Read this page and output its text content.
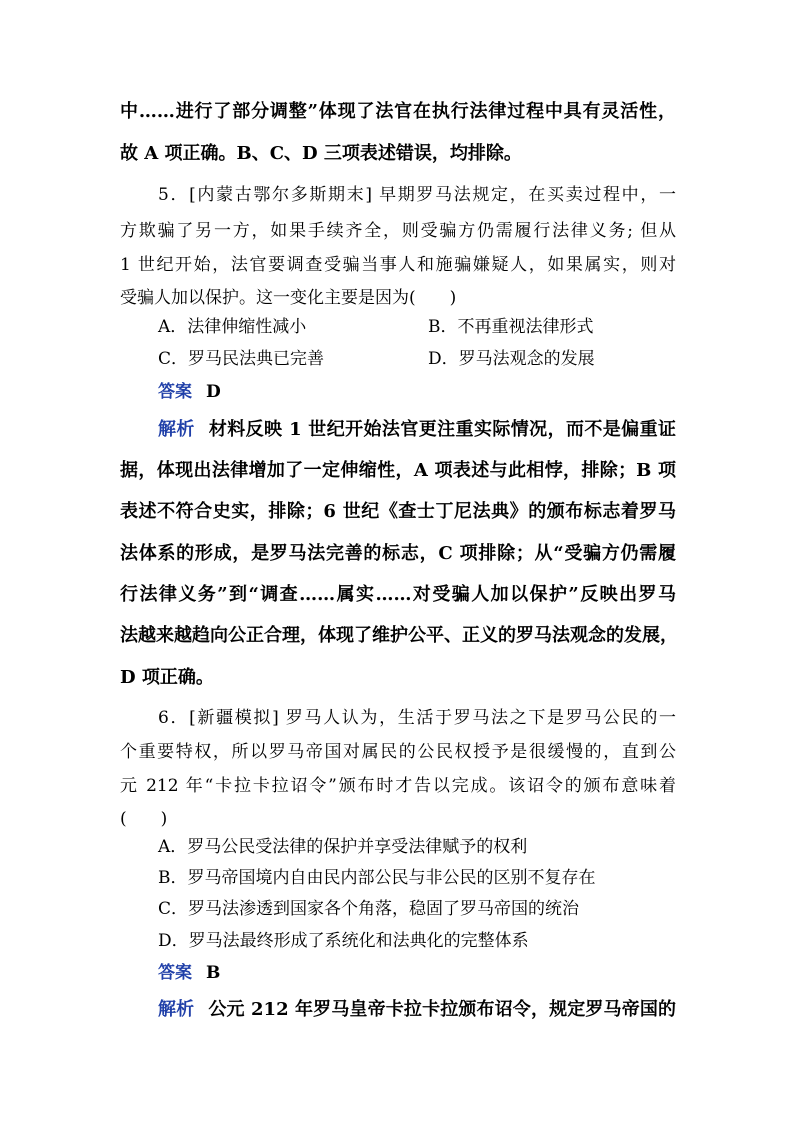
中……进行了部分调整”体现了法官在执行法律过程中具有灵活性，
故 A 项正确。B、C、D 三项表述错误，均排除。
5．[内蒙古鄂尔多斯期末] 早期罗马法规定，在买卖过程中，一
方欺骗了另一方，如果手续齐全，则受骗方仍需履行法律义务; 但从
1 世纪开始，法官要调查受骗当事人和施骗嫌疑人，如果属实，则对
受骗人加以保护。这一变化主要是因为(　　)
A．法律伸缩性减小	B．不再重视法律形式
C．罗马民法典已完善	D．罗马法观念的发展
答案 D
解析 材料反映 1 世纪开始法官更注重实际情况，而不是偏重证
据，体现出法律增加了一定伸缩性，A 项表述与此相悖，排除；B 项
表述不符合史实，排除；6 世纪《查士丁尼法典》的颁布标志着罗马
法体系的形成，是罗马法完善的标志，C 项排除；从“受骗方仍需履
行法律义务”到“调查……属实……对受骗人加以保护”反映出罗马
法越来越趋向公正合理，体现了维护公平、正义的罗马法观念的发展，
D 项正确。
6．[新疆模拟] 罗马人认为，生活于罗马法之下是罗马公民的一
个重要特权，所以罗马帝国对属民的公民权授予是很缓慢的，直到公
元 212 年“卡拉卡拉诏令”颁布时才告以完成。该诏令的颁布意味着
(　　)
A．罗马公民受法律的保护并享受法律赋予的权利
B．罗马帝国境内自由民内部公民与非公民的区别不复存在
C．罗马法渗透到国家各个角落，稳固了罗马帝国的统治
D．罗马法最终形成了系统化和法典化的完整体系
答案 B
解析 公元 212 年罗马皇帝卡拉卡拉颁布诏令，规定罗马帝国的
